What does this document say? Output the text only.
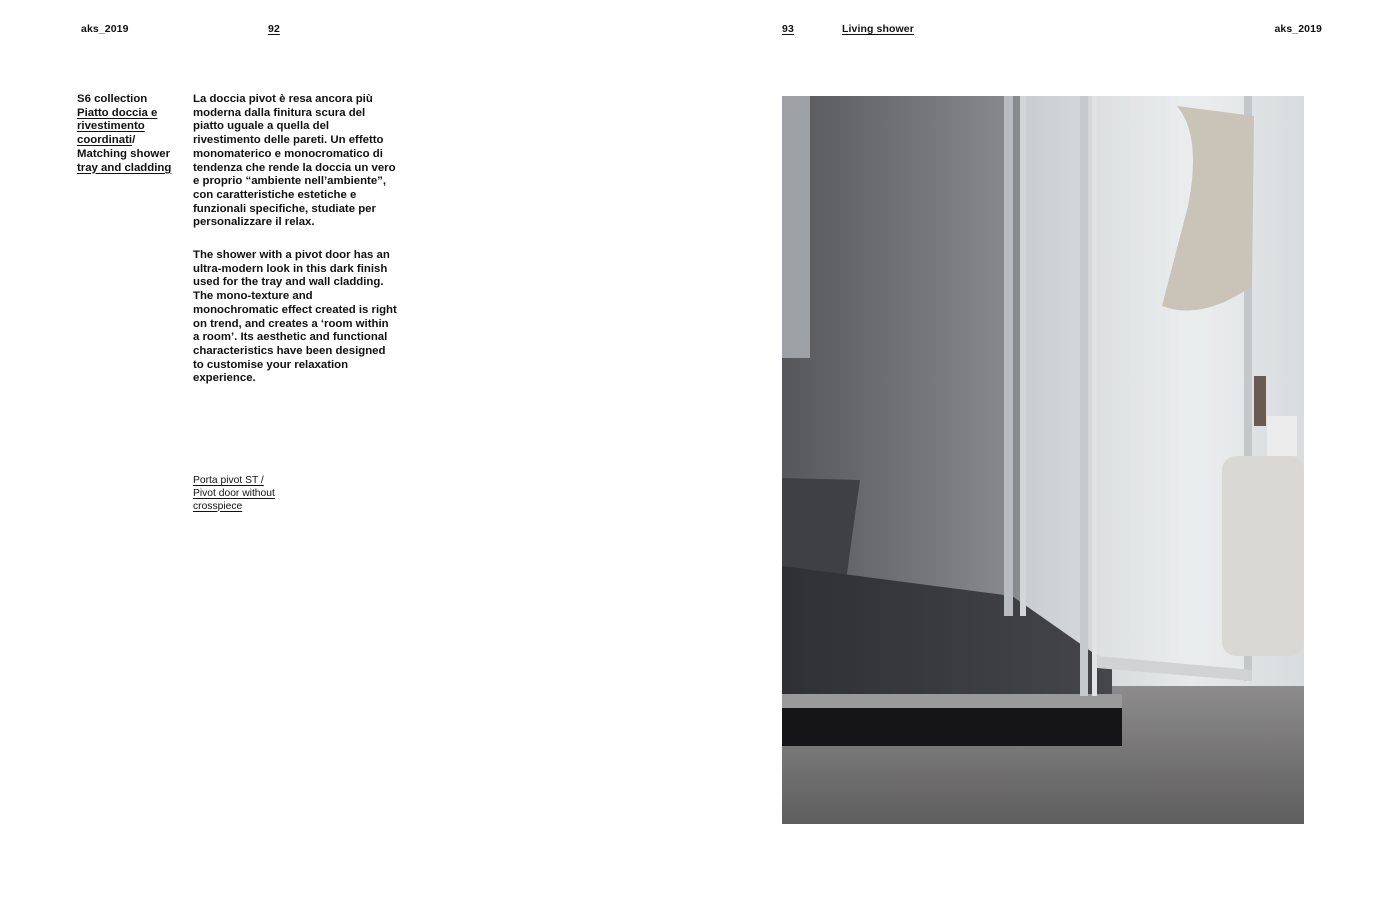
aks_2019	92	93	Living shower	aks_2019
S6 collection
Piatto doccia e rivestimento coordinati/ Matching shower tray and cladding

La doccia pivot è resa ancora più moderna dalla finitura scura del piatto uguale a quella del rivestimento delle pareti. Un effetto monomaterico e monocromatico di tendenza che rende la doccia un vero e proprio “ambiente nell’ambiente”, con caratteristiche estetiche e funzionali specifiche, studiate per personalizzare il relax.

The shower with a pivot door has an ultra-modern look in this dark finish used for the tray and wall cladding. The mono-texture and monochromatic effect created is right on trend, and creates a ‘room within a room’. Its aesthetic and functional characteristics have been designed to customise your relaxation experience.

Porta pivot ST /
Pivot door without
crosspiece
